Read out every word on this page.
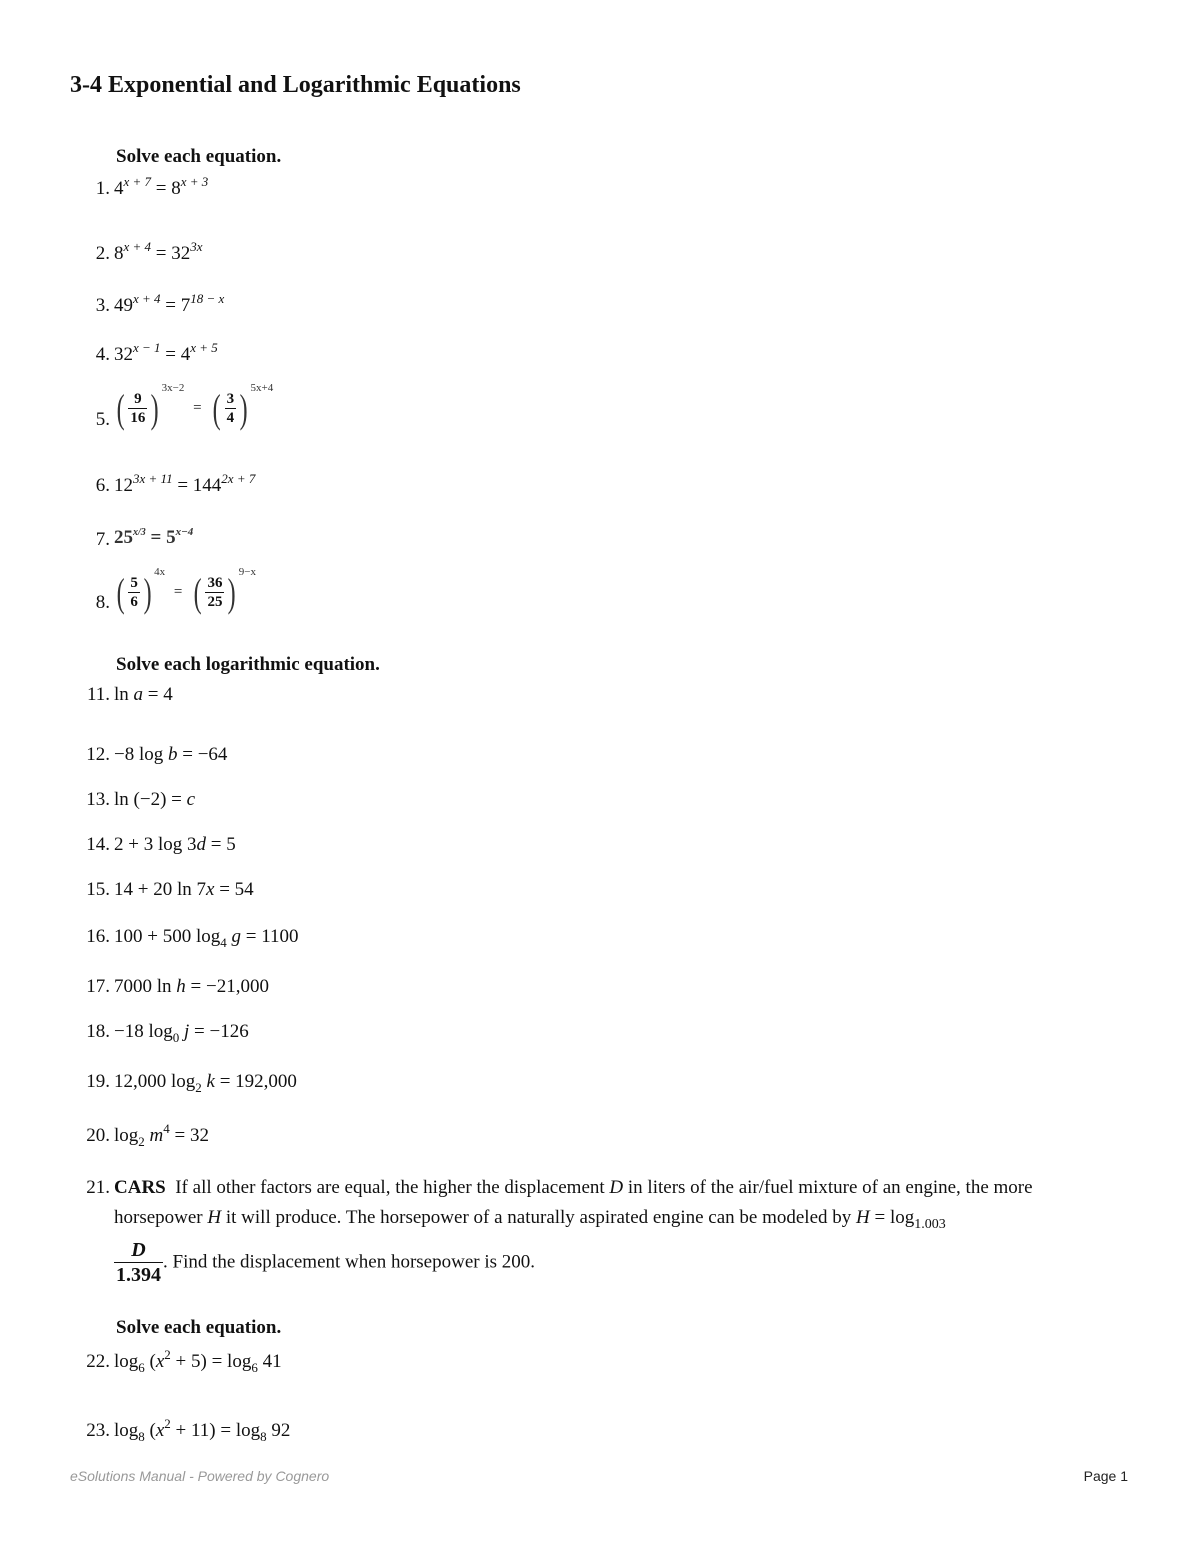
3-4 Exponential and Logarithmic Equations
Solve each equation.
1. $4^{x + 7} = 8^{x + 3}$
2. $8^{x + 4} = 32^{3x}$
3. $49^{x + 4} = 7^{18 - x}$
4. $32^{x - 1} = 4^{x + 5}$
5. ( $\frac{9}{16}$ ) $^{3x-2}$ = ( $\frac{3}{4}$ ) $^{5x+4}$
6. $12^{3x + 11} = 144^{2x + 7}$
7. $25^{x/3} = 5^{x-4}$
8. ( $\frac{5}{6}$ ) $^{4x}$ = ( $\frac{36}{25}$ ) $^{9-x}$
Solve each logarithmic equation.
11. ln a = 4
12. −8 log b = −64
13. ln (−2) = c
14. 2 + 3 log 3d = 5
15. 14 + 20 ln 7x = 54
16. 100 + 500 $\log_4 g = 1100$
17. 7000 ln h = −21,000
18. −18 $\log_0 j = -126$
19. 12,000 $\log_2 k = 192,000$
20. $\log_2 m^4 = 32$
21. CARS If all other factors are equal, the higher the displacement D in liters of the air/fuel mixture of an engine, the more horsepower H it will produce. The horsepower of a naturally aspirated engine can be modeled by $H = \log_{1.003}$
$\frac{D}{1.394}$ . Find the displacement when horsepower is 200.
Solve each equation.
22. $\log_6 (x^2 + 5) = \log_6 41$
23. $\log_8 (x^2 + 11) = \log_8 92$
eSolutions Manual - Powered by Cognero	Page 1
